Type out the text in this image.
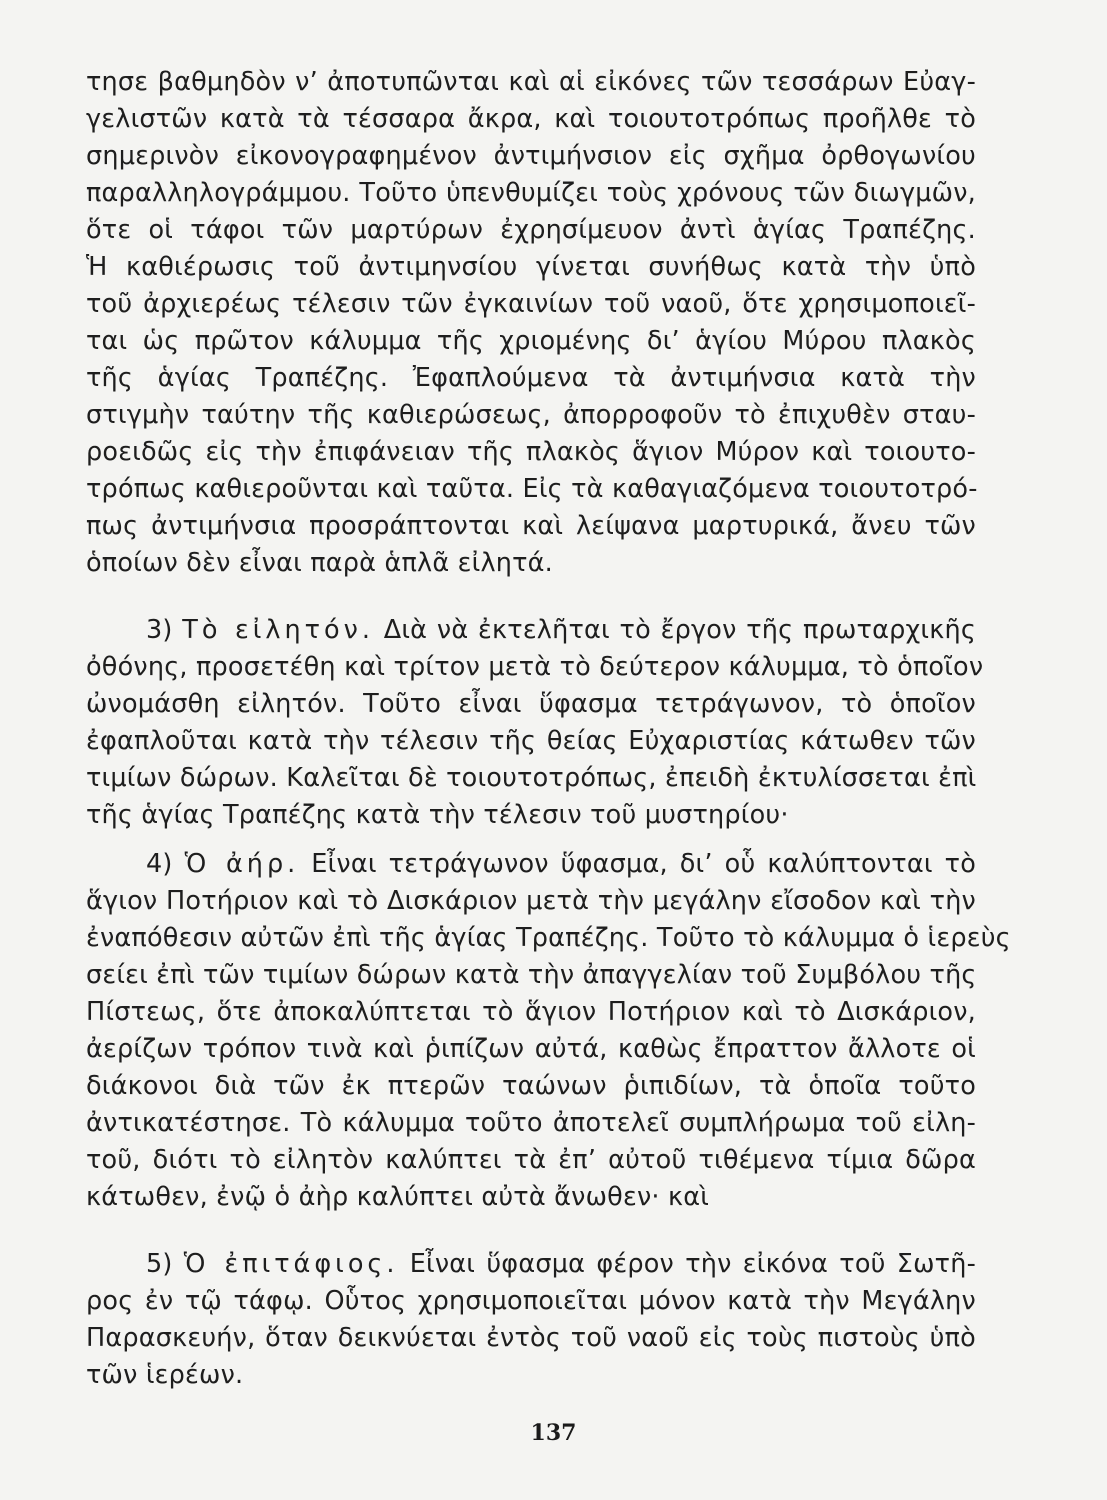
τησε βαθμηδὸν ν’ ἀποτυπῶνται καὶ αἱ εἰκόνες τῶν τεσσάρων Εὐαγ-
γελιστῶν κατὰ τὰ τέσσαρα ἄκρα, καὶ τοιουτοτρόπως προῆλθε τὸ
σημερινὸν εἰκονογραφημένον ἀντιμήνσιον εἰς σχῆμα ὀρθογωνίου
παραλληλογράμμου. Τοῦτο ὑπενθυμίζει τοὺς χρόνους τῶν διωγμῶν,
ὅτε οἱ τάφοι τῶν μαρτύρων ἐχρησίμευον ἀντὶ ἁγίας Τραπέζης.
Ἡ καθιέρωσις τοῦ ἀντιμηνσίου γίνεται συνήθως κατὰ τὴν ὑπὸ
τοῦ ἀρχιερέως τέλεσιν τῶν ἐγκαινίων τοῦ ναοῦ, ὅτε χρησιμοποιεῖ-
ται ὡς πρῶτον κάλυμμα τῆς χριομένης δι’ ἁγίου Μύρου πλακὸς
τῆς ἁγίας Τραπέζης. Ἐφαπλούμενα τὰ ἀντιμήνσια κατὰ τὴν
στιγμὴν ταύτην τῆς καθιερώσεως, ἀπορροφοῦν τὸ ἐπιχυθὲν σταυ-
ροειδῶς εἰς τὴν ἐπιφάνειαν τῆς πλακὸς ἅγιον Μύρον καὶ τοιουτο-
τρόπως καθιεροῦνται καὶ ταῦτα. Εἰς τὰ καθαγιαζόμενα τοιουτοτρό-
πως ἀντιμήνσια προσράπτονται καὶ λείψανα μαρτυρικά, ἄνευ τῶν
ὁποίων δὲν εἶναι παρὰ ἁπλᾶ εἰλητά.
3) Τὸ εἰλητόν. Διὰ νὰ ἐκτελῆται τὸ ἔργον τῆς πρωταρχικῆς
ὀθόνης, προσετέθη καὶ τρίτον μετὰ τὸ δεύτερον κάλυμμα, τὸ ὁποῖον
ὠνομάσθη εἰλητόν. Τοῦτο εἶναι ὕφασμα τετράγωνον, τὸ ὁποῖον
ἐφαπλοῦται κατὰ τὴν τέλεσιν τῆς θείας Εὐχαριστίας κάτωθεν τῶν
τιμίων δώρων. Καλεῖται δὲ τοιουτοτρόπως, ἐπειδὴ ἐκτυλίσσεται ἐπὶ
τῆς ἁγίας Τραπέζης κατὰ τὴν τέλεσιν τοῦ μυστηρίου·
4) Ὁ ἀήρ. Εἶναι τετράγωνον ὕφασμα, δι’ οὗ καλύπτονται τὸ
ἅγιον Ποτήριον καὶ τὸ Δισκάριον μετὰ τὴν μεγάλην εἴσοδον καὶ τὴν
ἐναπόθεσιν αὐτῶν ἐπὶ τῆς ἁγίας Τραπέζης. Τοῦτο τὸ κάλυμμα ὁ ἱερεὺς
σείει ἐπὶ τῶν τιμίων δώρων κατὰ τὴν ἀπαγγελίαν τοῦ Συμβόλου τῆς
Πίστεως, ὅτε ἀποκαλύπτεται τὸ ἅγιον Ποτήριον καὶ τὸ Δισκάριον,
ἀερίζων τρόπον τινὰ καὶ ῥιπίζων αὐτά, καθὼς ἔπραττον ἄλλοτε οἱ
διάκονοι διὰ τῶν ἐκ πτερῶν ταώνων ῥιπιδίων, τὰ ὁποῖα τοῦτο
ἀντικατέστησε. Τὸ κάλυμμα τοῦτο ἀποτελεῖ συμπλήρωμα τοῦ εἰλη-
τοῦ, διότι τὸ εἰλητὸν καλύπτει τὰ ἐπ’ αὐτοῦ τιθέμενα τίμια δῶρα
κάτωθεν, ἐνῷ ὁ ἀὴρ καλύπτει αὐτὰ ἄνωθεν· καὶ
5) Ὁ ἐπιτάφιος. Εἶναι ὕφασμα φέρον τὴν εἰκόνα τοῦ Σωτῆ-
ρος ἐν τῷ τάφῳ. Οὗτος χρησιμοποιεῖται μόνον κατὰ τὴν Μεγάλην
Παρασκευήν, ὅταν δεικνύεται ἐντὸς τοῦ ναοῦ εἰς τοὺς πιστοὺς ὑπὸ
τῶν ἱερέων.
137
